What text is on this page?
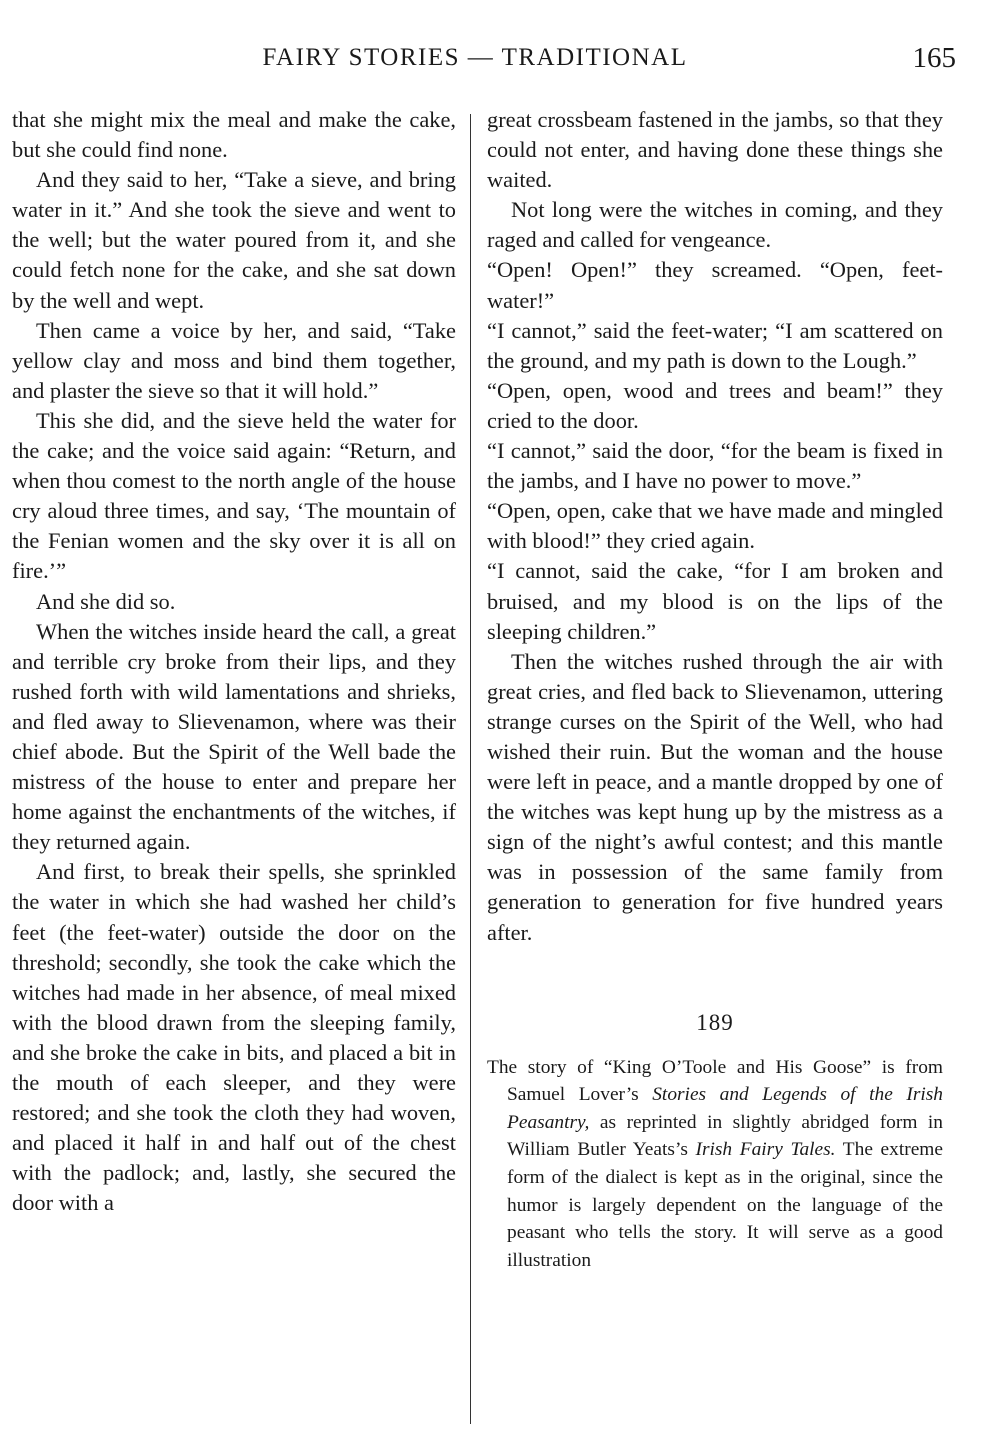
FAIRY STORIES — TRADITIONAL	165

that she might mix the meal and make the cake, but she could find none.

And they said to her, “Take a sieve, and bring water in it.” And she took the sieve and went to the well; but the water poured from it, and she could fetch none for the cake, and she sat down by the well and wept.

Then came a voice by her, and said, “Take yellow clay and moss and bind them together, and plaster the sieve so that it will hold.”

This she did, and the sieve held the water for the cake; and the voice said again: “Return, and when thou comest to the north angle of the house cry aloud three times, and say, ‘The mountain of the Fenian women and the sky over it is all on fire.’”

And she did so.

When the witches inside heard the call, a great and terrible cry broke from their lips, and they rushed forth with wild lamentations and shrieks, and fled away to Slievenamon, where was their chief abode. But the Spirit of the Well bade the mistress of the house to enter and prepare her home against the enchantments of the witches, if they returned again.

And first, to break their spells, she sprinkled the water in which she had washed her child’s feet (the feet-water) outside the door on the threshold; secondly, she took the cake which the witches had made in her absence, of meal mixed with the blood drawn from the sleeping family, and she broke the cake in bits, and placed a bit in the mouth of each sleeper, and they were restored; and she took the cloth they had woven, and placed it half in and half out of the chest with the padlock; and, lastly, she secured the door with a

great crossbeam fastened in the jambs, so that they could not enter, and having done these things she waited.

Not long were the witches in coming, and they raged and called for vengeance.

“Open! Open!” they screamed. “Open, feet-water!”

“I cannot,” said the feet-water; “I am scattered on the ground, and my path is down to the Lough.”

“Open, open, wood and trees and beam!” they cried to the door.

“I cannot,” said the door, “for the beam is fixed in the jambs, and I have no power to move.”

“Open, open, cake that we have made and mingled with blood!” they cried again.

“I cannot, said the cake, “for I am broken and bruised, and my blood is on the lips of the sleeping children.”

Then the witches rushed through the air with great cries, and fled back to Slievenamon, uttering strange curses on the Spirit of the Well, who had wished their ruin. But the woman and the house were left in peace, and a mantle dropped by one of the witches was kept hung up by the mistress as a sign of the night’s awful contest; and this mantle was in possession of the same family from generation to generation for five hundred years after.

189

The story of “King O’Toole and His Goose” is from Samuel Lover’s Stories and Legends of the Irish Peasantry, as reprinted in slightly abridged form in William Butler Yeats’s Irish Fairy Tales. The extreme form of the dialect is kept as in the original, since the humor is largely dependent on the language of the peasant who tells the story. It will serve as a good illustration
